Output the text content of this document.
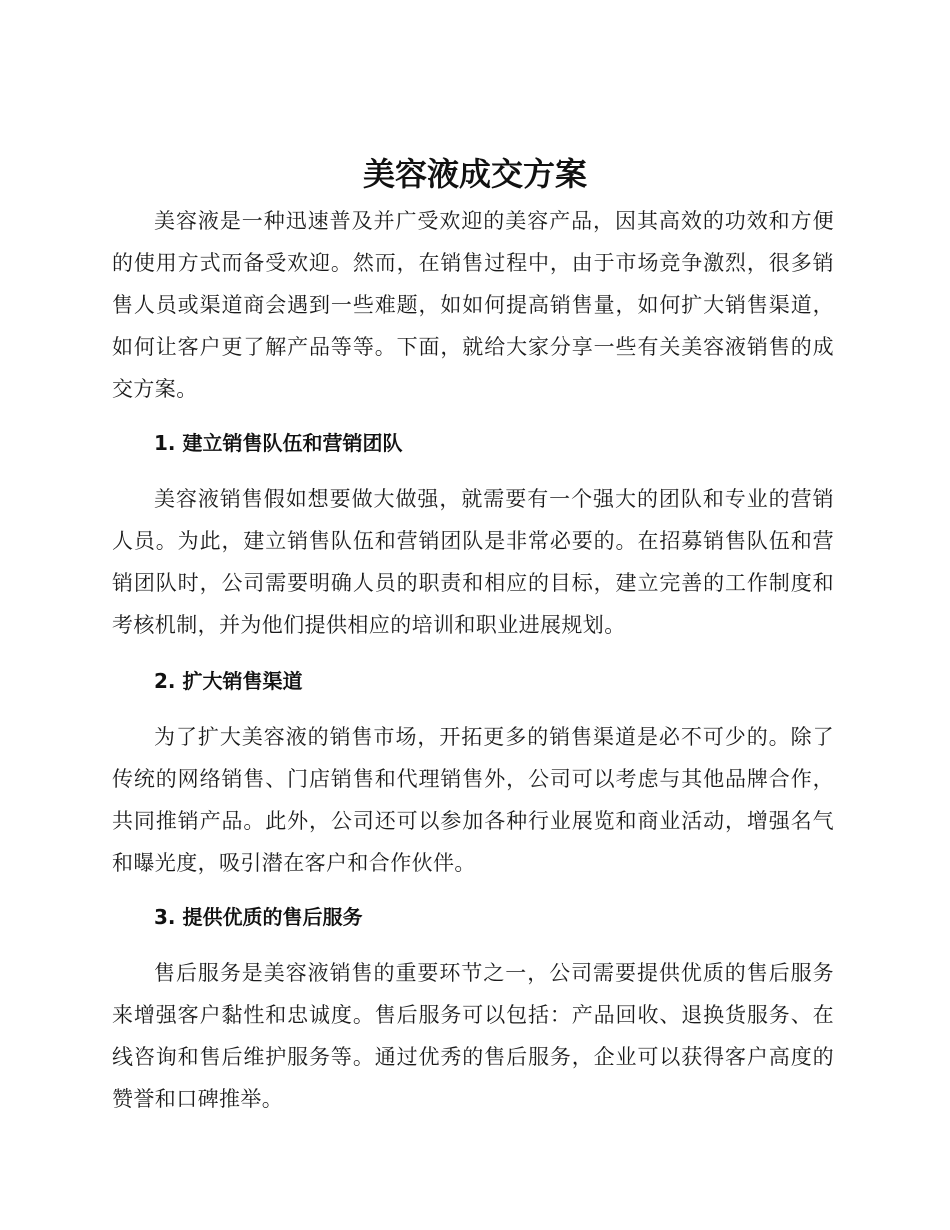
美容液成交方案

美容液是一种迅速普及并广受欢迎的美容产品，因其高效的功效和方便的使用方式而备受欢迎。然而，在销售过程中，由于市场竞争激烈，很多销售人员或渠道商会遇到一些难题，如如何提高销售量，如何扩大销售渠道，如何让客户更了解产品等等。下面，就给大家分享一些有关美容液销售的成交方案。

1. 建立销售队伍和营销团队

美容液销售假如想要做大做强，就需要有一个强大的团队和专业的营销人员。为此，建立销售队伍和营销团队是非常必要的。在招募销售队伍和营销团队时，公司需要明确人员的职责和相应的目标，建立完善的工作制度和考核机制，并为他们提供相应的培训和职业进展规划。

2. 扩大销售渠道

为了扩大美容液的销售市场，开拓更多的销售渠道是必不可少的。除了传统的网络销售、门店销售和代理销售外，公司可以考虑与其他品牌合作，共同推销产品。此外，公司还可以参加各种行业展览和商业活动，增强名气和曝光度，吸引潜在客户和合作伙伴。

3. 提供优质的售后服务

售后服务是美容液销售的重要环节之一，公司需要提供优质的售后服务来增强客户黏性和忠诚度。售后服务可以包括：产品回收、退换货服务、在线咨询和售后维护服务等。通过优秀的售后服务，企业可以获得客户高度的赞誉和口碑推举。
